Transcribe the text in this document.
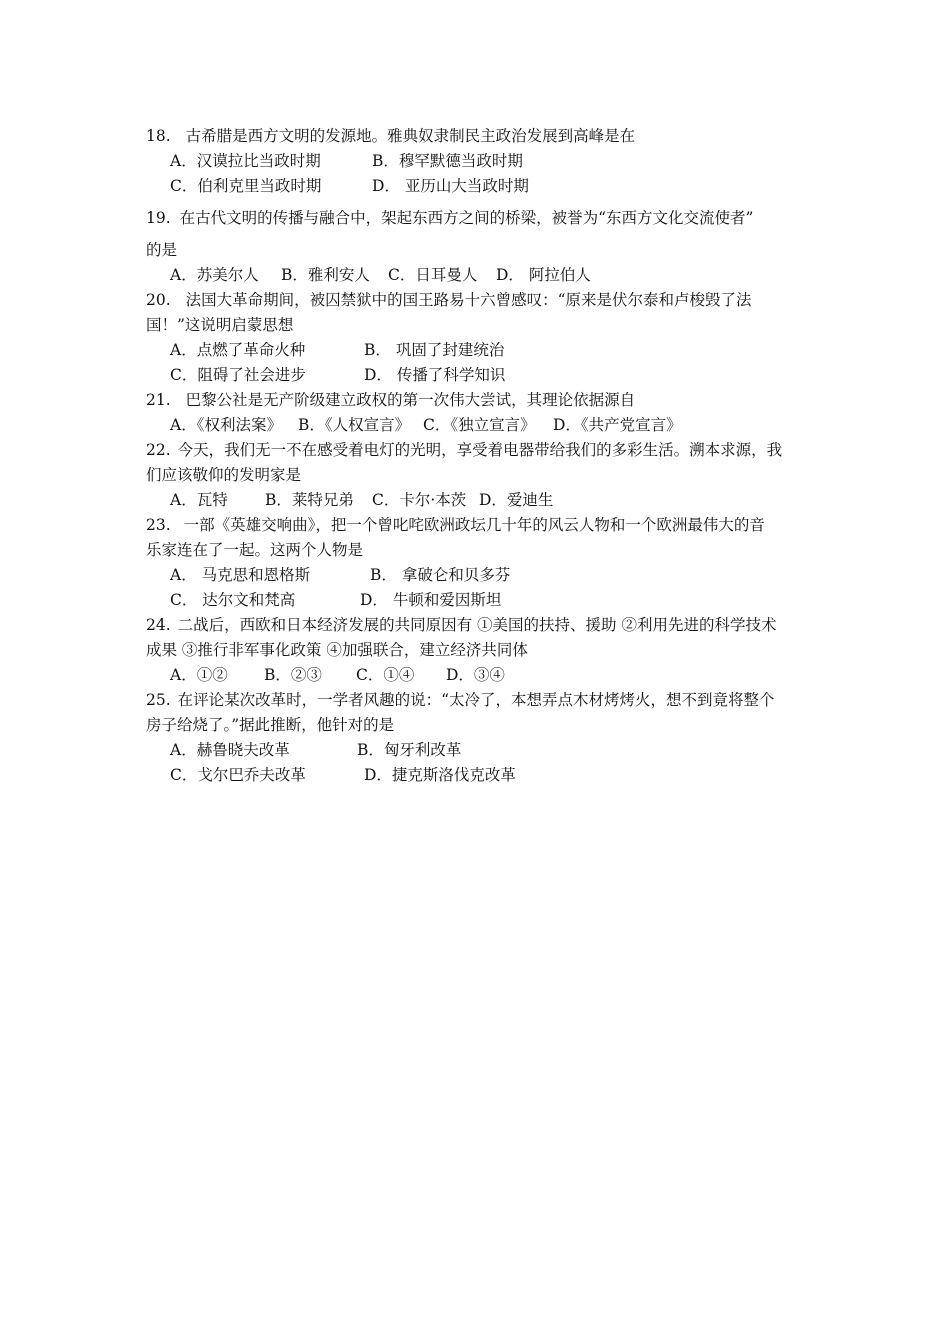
18. 古希腊是西方文明的发源地。雅典奴隶制民主政治发展到高峰是在
A．汉谟拉比当政时期	B．穆罕默德当政时期
C．伯利克里当政时期	D． 亚历山大当政时期
19. 在古代文明的传播与融合中，架起东西方之间的桥梁，被誉为“东西方文化交流使者”
的是
A．苏美尔人 B．雅利安人 C．日耳曼人 D． 阿拉伯人
20. 法国大革命期间，被囚禁狱中的国王路易十六曾感叹：“原来是伏尔泰和卢梭毁了法
国！”这说明启蒙思想
A．点燃了革命火种	B． 巩固了封建统治
C．阻碍了社会进步	D． 传播了科学知识
21. 巴黎公社是无产阶级建立政权的第一次伟大尝试，其理论依据源自
A．《权利法案》 B．《人权宣言》 C．《独立宣言》 D．《共产党宣言》
22. 今天，我们无一不在感受着电灯的光明，享受着电器带给我们的多彩生活。溯本求源，我
们应该敬仰的发明家是
A．瓦特 B．莱特兄弟 C．卡尔·本茨 D．爱迪生
23. 一部《英雄交响曲》，把一个曾叱咤欧洲政坛几十年的风云人物和一个欧洲最伟大的音
乐家连在了一起。这两个人物是
A． 马克思和恩格斯	B． 拿破仑和贝多芬
C． 达尔文和梵高	D． 牛顿和爱因斯坦
24. 二战后，西欧和日本经济发展的共同原因有 ①美国的扶持、援助 ②利用先进的科学技术
成果 ③推行非军事化政策 ④加强联合，建立经济共同体
A．①② B．②③ C．①④ D．③④
25. 在评论某次改革时，一学者风趣的说：“太冷了，本想弄点木材烤烤火，想不到竟将整个
房子给烧了。”据此推断，他针对的是
A．赫鲁晓夫改革	B．匈牙利改革
C．戈尔巴乔夫改革	D．捷克斯洛伐克改革
